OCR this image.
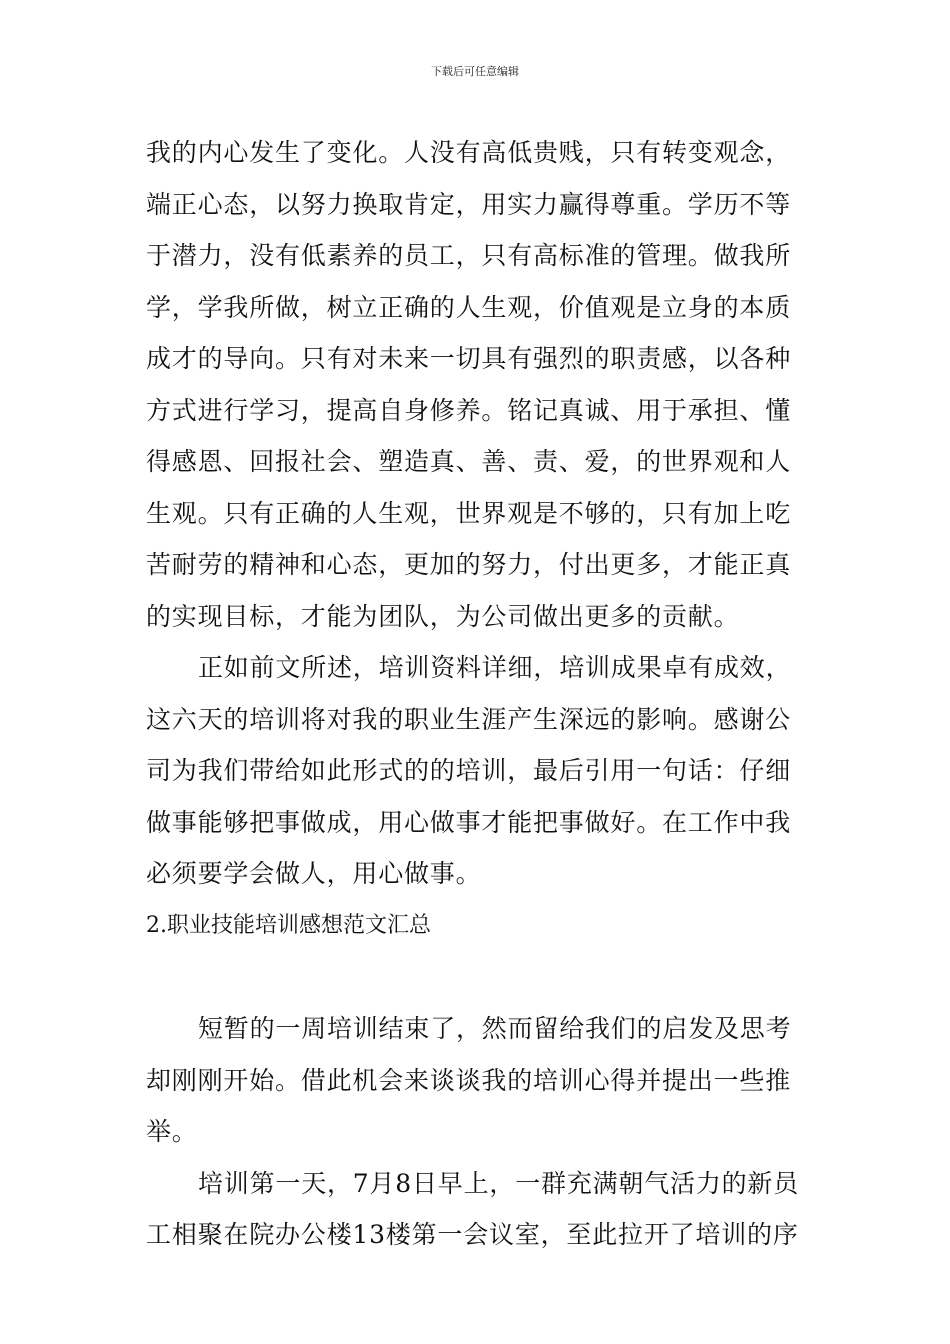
下载后可任意编辑
我的内心发生了变化。人没有高低贵贱，只有转变观念，
端正心态，以努力换取肯定，用实力赢得尊重。学历不等
于潜力，没有低素养的员工，只有高标准的管理。做我所
学，学我所做，树立正确的人生观，价值观是立身的本质
成才的导向。只有对未来一切具有强烈的职责感，以各种
方式进行学习，提高自身修养。铭记真诚、用于承担、懂
得感恩、回报社会、塑造真、善、责、爱，的世界观和人
生观。只有正确的人生观，世界观是不够的，只有加上吃
苦耐劳的精神和心态，更加的努力，付出更多，才能正真
的实现目标，才能为团队，为公司做出更多的贡献。
正如前文所述，培训资料详细，培训成果卓有成效，
这六天的培训将对我的职业生涯产生深远的影响。感谢公
司为我们带给如此形式的的培训，最后引用一句话：仔细
做事能够把事做成，用心做事才能把事做好。在工作中我
必须要学会做人，用心做事。
2.职业技能培训感想范文汇总
短暂的一周培训结束了，然而留给我们的启发及思考
却刚刚开始。借此机会来谈谈我的培训心得并提出一些推
举。
培训第一天，7月8日早上，一群充满朝气活力的新员
工相聚在院办公楼13楼第一会议室，至此拉开了培训的序
